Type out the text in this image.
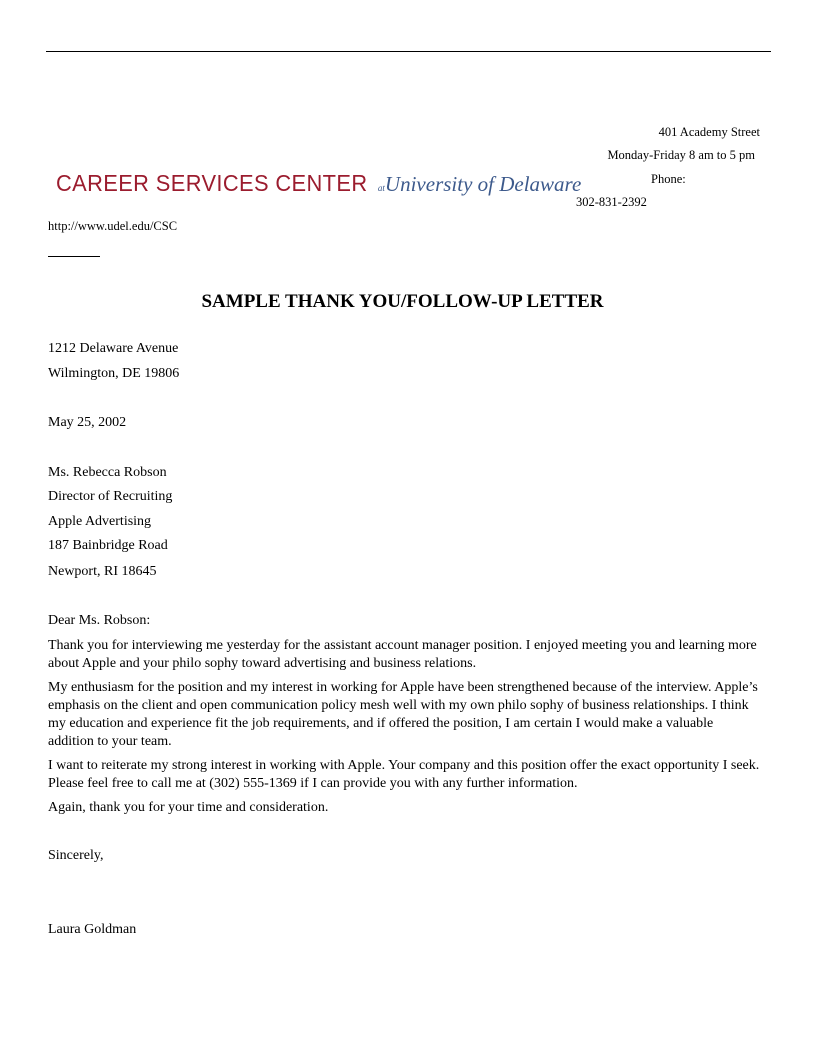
401 Academy Street
Monday-Friday 8 am to 5 pm
Phone:
302-831-2392
CAREER SERVICES CENTER atUniversity of Delaware
http://www.udel.edu/CSC
SAMPLE THANK YOU/FOLLOW-UP LETTER
1212 Delaware Avenue
Wilmington, DE 19806
May 25, 2002
Ms. Rebecca Robson
Director of Recruiting
Apple Advertising
187 Bainbridge Road
Newport, RI 18645
Dear Ms. Robson:
Thank you for interviewing me yesterday for the assistant account manager position. I enjoyed meeting you and learning more about Apple and your philo sophy toward advertising and business relations.
My enthusiasm for the position and my interest in working for Apple have been strengthened because of the interview. Apple’s emphasis on the client and open communication policy mesh well with my own philo sophy of business relationships. I think my education and experience fit the job requirements, and if offered the position, I am certain I would make a valuable addition to your team.
I want to reiterate my strong interest in working with Apple. Your company and this position offer the exact opportunity I seek. Please feel free to call me at (302) 555-1369 if I can provide you with any further information.
Again, thank you for your time and consideration.
Sincerely,
Laura Goldman
